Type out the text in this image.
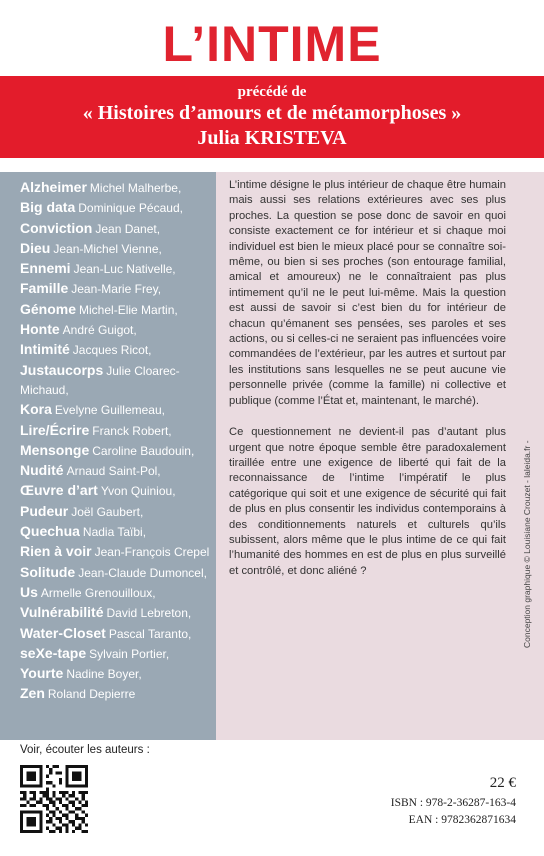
L’INTIME
précédé de
« Histoires d’amours et de métamorphoses »
Julia KRISTEVA
Alzheimer Michel Malherbe,
Big data Dominique Pécaud,
Conviction Jean Danet,
Dieu Jean-Michel Vienne,
Ennemi Jean-Luc Nativelle,
Famille Jean-Marie Frey,
Génome Michel-Elie Martin,
Honte André Guigot,
Intimité Jacques Ricot,
Justaucorps Julie Cloarec-Michaud,
Kora Evelyne Guillemeau,
Lire/Écrire Franck Robert,
Mensonge Caroline Baudouin,
Nudité Arnaud Saint-Pol,
Œuvre d’art Yvon Quiniou,
Pudeur Joël Gaubert,
Quechua Nadia Taïbi,
Rien à voir Jean-François Crepel
Solitude Jean-Claude Dumoncel,
Us Armelle Grenouilloux,
Vulnérabilité David Lebreton,
Water-Closet Pascal Taranto,
seXe-tape Sylvain Portier,
Yourte Nadine Boyer,
Zen Roland Depierre

L’intime désigne le plus intérieur de chaque être humain mais aussi ses relations extérieures avec ses plus proches. La question se pose donc de savoir en quoi consiste exactement ce for intérieur et si chaque moi individuel est bien le mieux placé pour se connaître soi-même, ou bien si ses proches (son entourage familial, amical et amoureux) ne le connaîtraient pas plus intimement qu’il ne le peut lui-même. Mais la question est aussi de savoir si c’est bien du for intérieur de chacun qu’émanent ses pensées, ses paroles et ses actions, ou si celles-ci ne seraient pas influencées voire commandées de l’extérieur, par les autres et surtout par les institutions sans lesquelles ne se peut aucune vie personnelle privée (comme la famille) ni collective et publique (comme l’État et, maintenant, le marché).

Ce questionnement ne devient-il pas d’autant plus urgent que notre époque semble être paradoxalement tiraillée entre une exigence de liberté qui fait de la reconnaissance de l’intime l’impératif le plus catégorique qui soit et une exigence de sécurité qui fait de plus en plus consentir les individus contemporains à des conditionnements naturels et culturels qu’ils subissent, alors même que le plus intime de ce qui fait l’humanité des hommes en est de plus en plus surveillé et contrôlé, et donc aliéné ?	Conception graphique © Louisiane Crouzet - laleida.fr -
Voir, écouter les auteurs :
22 €
ISBN : 978-2-36287-163-4
EAN : 9782362871634
